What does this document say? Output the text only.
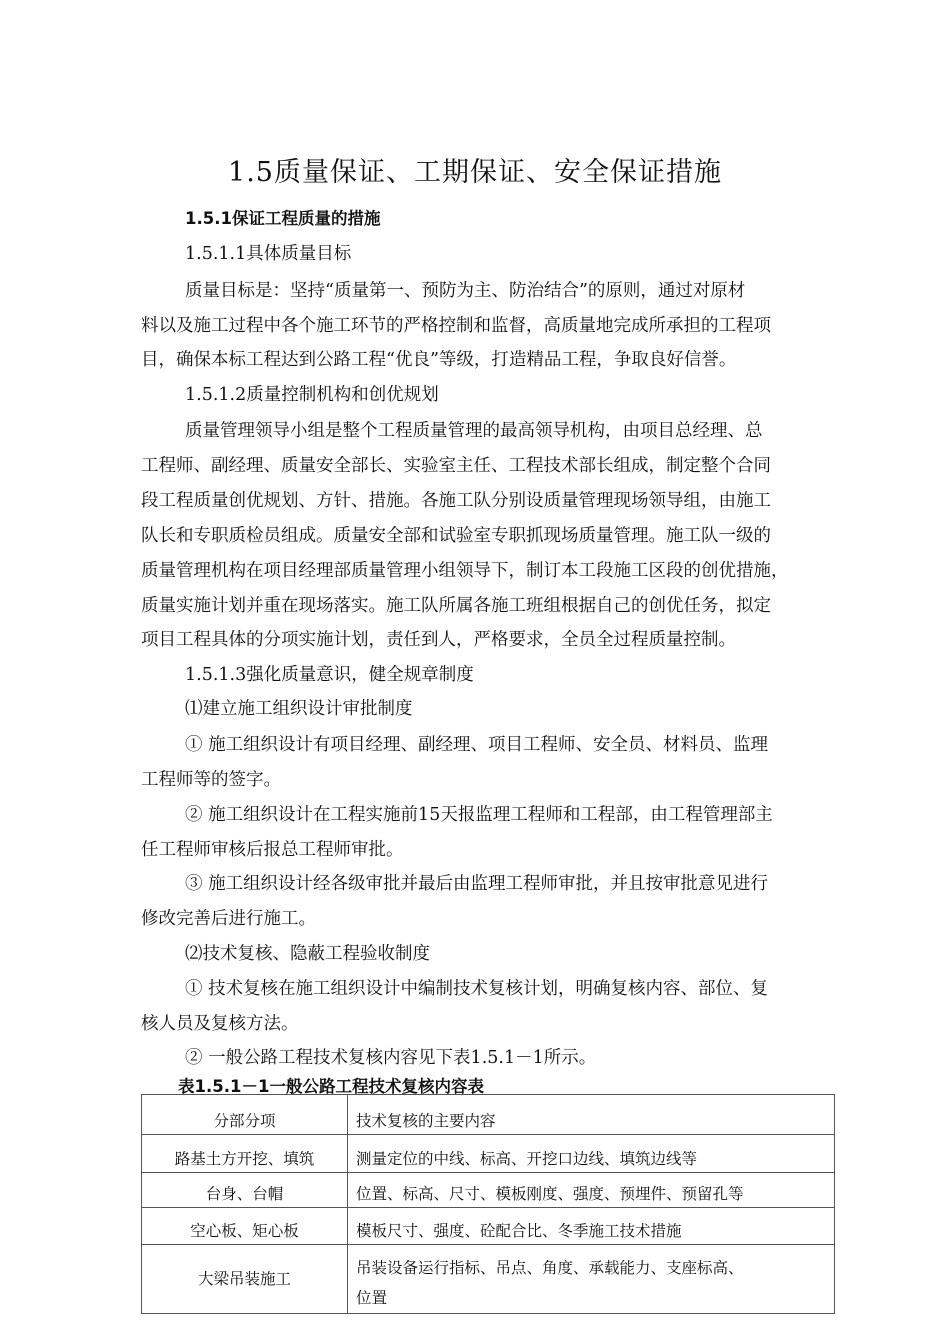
1.5质量保证、工期保证、安全保证措施
1.5.1保证工程质量的措施
1.5.1.1具体质量目标
质量目标是：坚持“质量第一、预防为主、防治结合”的原则，通过对原材
料以及施工过程中各个施工环节的严格控制和监督，高质量地完成所承担的工程项
目，确保本标工程达到公路工程“优良”等级，打造精品工程，争取良好信誉。
1.5.1.2质量控制机构和创优规划
质量管理领导小组是整个工程质量管理的最高领导机构，由项目总经理、总
工程师、副经理、质量安全部长、实验室主任、工程技术部长组成，制定整个合同
段工程质量创优规划、方针、措施。各施工队分别设质量管理现场领导组，由施工
队长和专职质检员组成。质量安全部和试验室专职抓现场质量管理。施工队一级的
质量管理机构在项目经理部质量管理小组领导下，制订本工段施工区段的创优措施，
质量实施计划并重在现场落实。施工队所属各施工班组根据自己的创优任务，拟定
项目工程具体的分项实施计划，责任到人，严格要求，全员全过程质量控制。
1.5.1.3强化质量意识，健全规章制度
⑴建立施工组织设计审批制度
① 施工组织设计有项目经理、副经理、项目工程师、安全员、材料员、监理
工程师等的签字。
② 施工组织设计在工程实施前15天报监理工程师和工程部，由工程管理部主
任工程师审核后报总工程师审批。
③ 施工组织设计经各级审批并最后由监理工程师审批，并且按审批意见进行
修改完善后进行施工。
⑵技术复核、隐蔽工程验收制度
① 技术复核在施工组织设计中编制技术复核计划，明确复核内容、部位、复
核人员及复核方法。
② 一般公路工程技术复核内容见下表1.5.1－1所示。
表1.5.1－1一般公路工程技术复核内容表
分部分项	技术复核的主要内容

路基土方开挖、填筑	测量定位的中线、标高、开挖口边线、填筑边线等

台身、台帽	位置、标高、尺寸、模板刚度、强度、预埋件、预留孔等

空心板、矩心板	模板尺寸、强度、砼配合比、冬季施工技术措施

大梁吊装施工	吊装设备运行指标、吊点、角度、承载能力、支座标高、
位置
